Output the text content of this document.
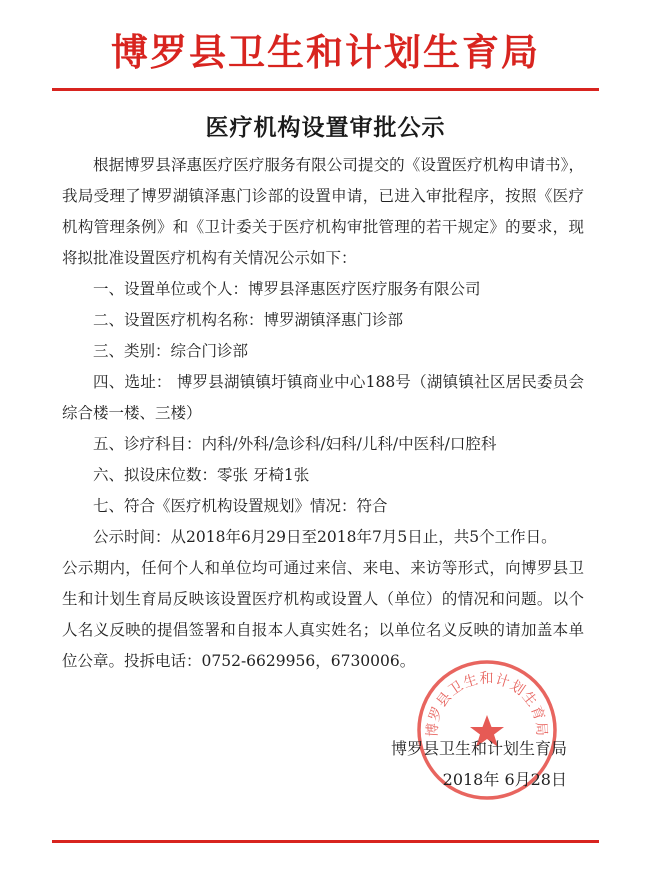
博罗县卫生和计划生育局
医疗机构设置审批公示

根据博罗县泽惠医疗医疗服务有限公司提交的《设置医疗机构申请书》，我局受理了博罗湖镇泽惠门诊部的设置申请，已进入审批程序，按照《医疗机构管理条例》和《卫计委关于医疗机构审批管理的若干规定》的要求，现将拟批准设置医疗机构有关情况公示如下：

一、设置单位或个人：博罗县泽惠医疗医疗服务有限公司

二、设置医疗机构名称：博罗湖镇泽惠门诊部

三、类别：综合门诊部

四、选址： 博罗县湖镇镇圩镇商业中心188号（湖镇镇社区居民委员会综合楼一楼、三楼）

五、诊疗科目：内科/外科/急诊科/妇科/儿科/中医科/口腔科

六、拟设床位数：零张 牙椅1张

七、符合《医疗机构设置规划》情况：符合

公示时间：从2018年6月29日至2018年7月5日止，共5个工作日。

公示期内，任何个人和单位均可通过来信、来电、来访等形式，向博罗县卫生和计划生育局反映该设置医疗机构或设置人（单位）的情况和问题。以个人名义反映的提倡签署和自报本人真实姓名；以单位名义反映的请加盖本单位公章。投拆电话：0752-6629956，6730006。

博罗县卫生和计划生育局
博罗县卫生和计划生育局
2018年 6月28日
